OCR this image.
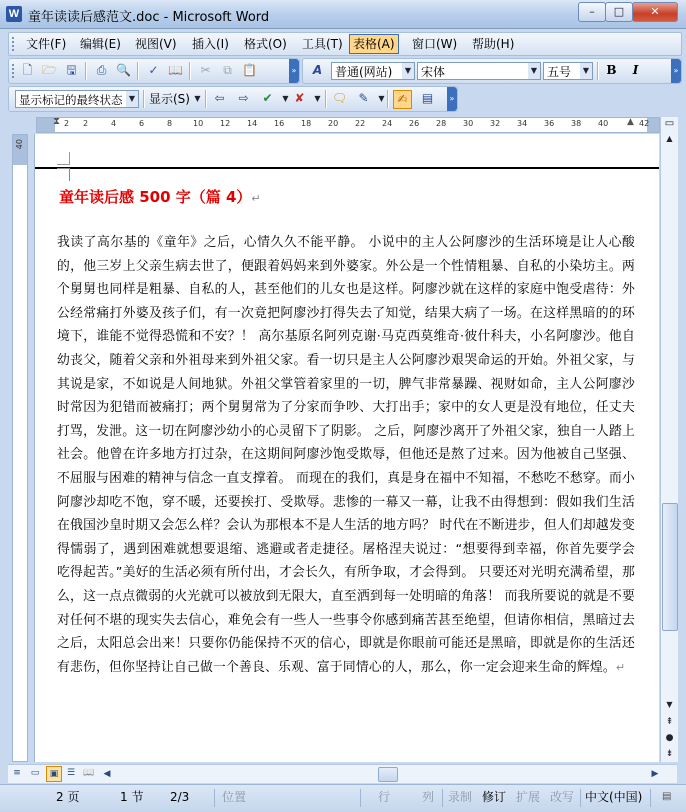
W 童年读读后感范文.doc - Microsoft Word	–	□	✕
文件(F) 编辑(E) 视图(V) 插入(I) 格式(O) 工具(T) 表格(A)	窗口(W) 帮助(H)
🗋 🗁 🖫	⎙ 🔍 ✓ 📖 ✂	⧉ 📋	»	A	普通(网站)	▼ 宋体	▼ 五号	▼ B	I	»
显示标记的最终状态 ▼ 显示(S) ▼	⇦ ⇨ ✔	▼ ✘	▼ 🗨 ✎	▼	✍	▤	»
2 2	4	6	8	10 12 14 16 18 20 22 24 26 28 30 32 34 36 38 40	42
⧗	▲
40
童年读后感 500 字（篇 4）↵
我读了高尔基的《童年》之后，心情久久不能平静。 小说中的主人公阿廖沙的生活环境是让人心酸的，他三岁上父亲生病去世了，便跟着妈妈来到外婆家。外公是一个性情粗暴、自私的小染坊主。两个舅舅也同样是粗暴、自私的人，甚至他们的儿女也是这样。阿廖沙就在这样的家庭中饱受虐待：外公经常痛打外婆及孩子们，有一次竟把阿廖沙打得失去了知觉，结果大病了一场。在这样黑暗的的环境下，谁能不觉得恐慌和不安？！ 高尔基原名阿列克谢·马克西莫维奇·彼什科夫，小名阿廖沙。他自幼丧父，随着父亲和外祖母来到外祖父家。看一切只是主人公阿廖沙艰哭命运的开始。外祖父家，与其说是家，不如说是人间地狱。外祖父掌管着家里的一切，脾气非常暴躁、视财如命，主人公阿廖沙时常因为犯错而被痛打；两个舅舅常为了分家而争吵、大打出手；家中的女人更是没有地位，任丈夫打骂，发泄。这一切在阿廖沙幼小的心灵留下了阴影。 之后，阿廖沙离开了外祖父家，独自一人踏上社会。他曾在许多地方打过杂，在这期间阿廖沙饱受欺辱，但他还是熬了过来。因为他被自己坚强、不屈服与困难的精神与信念一直支撑着。 而现在的我们，真是身在福中不知福，不愁吃不愁穿。而小阿廖沙却吃不饱，穿不暖，还要挨打、受欺辱。悲惨的一幕又一幕，让我不由得想到：假如我们生活在俄国沙皇时期又会怎么样？会认为那根本不是人生活的地方吗？ 时代在不断进步，但人们却越发变得懦弱了，遇到困难就想要退缩、逃避或者走捷径。屠格涅夫说过：“想要得到幸福，你首先要学会吃得起苦。”美好的生活必须有所付出，才会长久，有所争取，才会得到。 只要还对光明充满希望，那么，这一点点微弱的火光就可以被放到无限大，直至洒到每一处明暗的角落！ 而我所要说的就是不要对任何不堪的现实失去信心，难免会有一些人一些事令你感到痛苦甚至绝望，但请你相信，黑暗过去之后，太阳总会出来！只要你仍能保持不灭的信心，即就是你眼前可能还是黑暗，即就是你的生活还有悲伤，但你坚持让自己做一个善良、乐观、富于同情心的人，那么，你一定会迎来生命的辉煌。↵
▭
▲
▼
⇞
●
⇟
≡	▭	▣ ☰ 📖 ◀	▶
2 页	1 节 2/3	位置	行	列 录制 修订 扩展 改写 中文(中国) ▤
